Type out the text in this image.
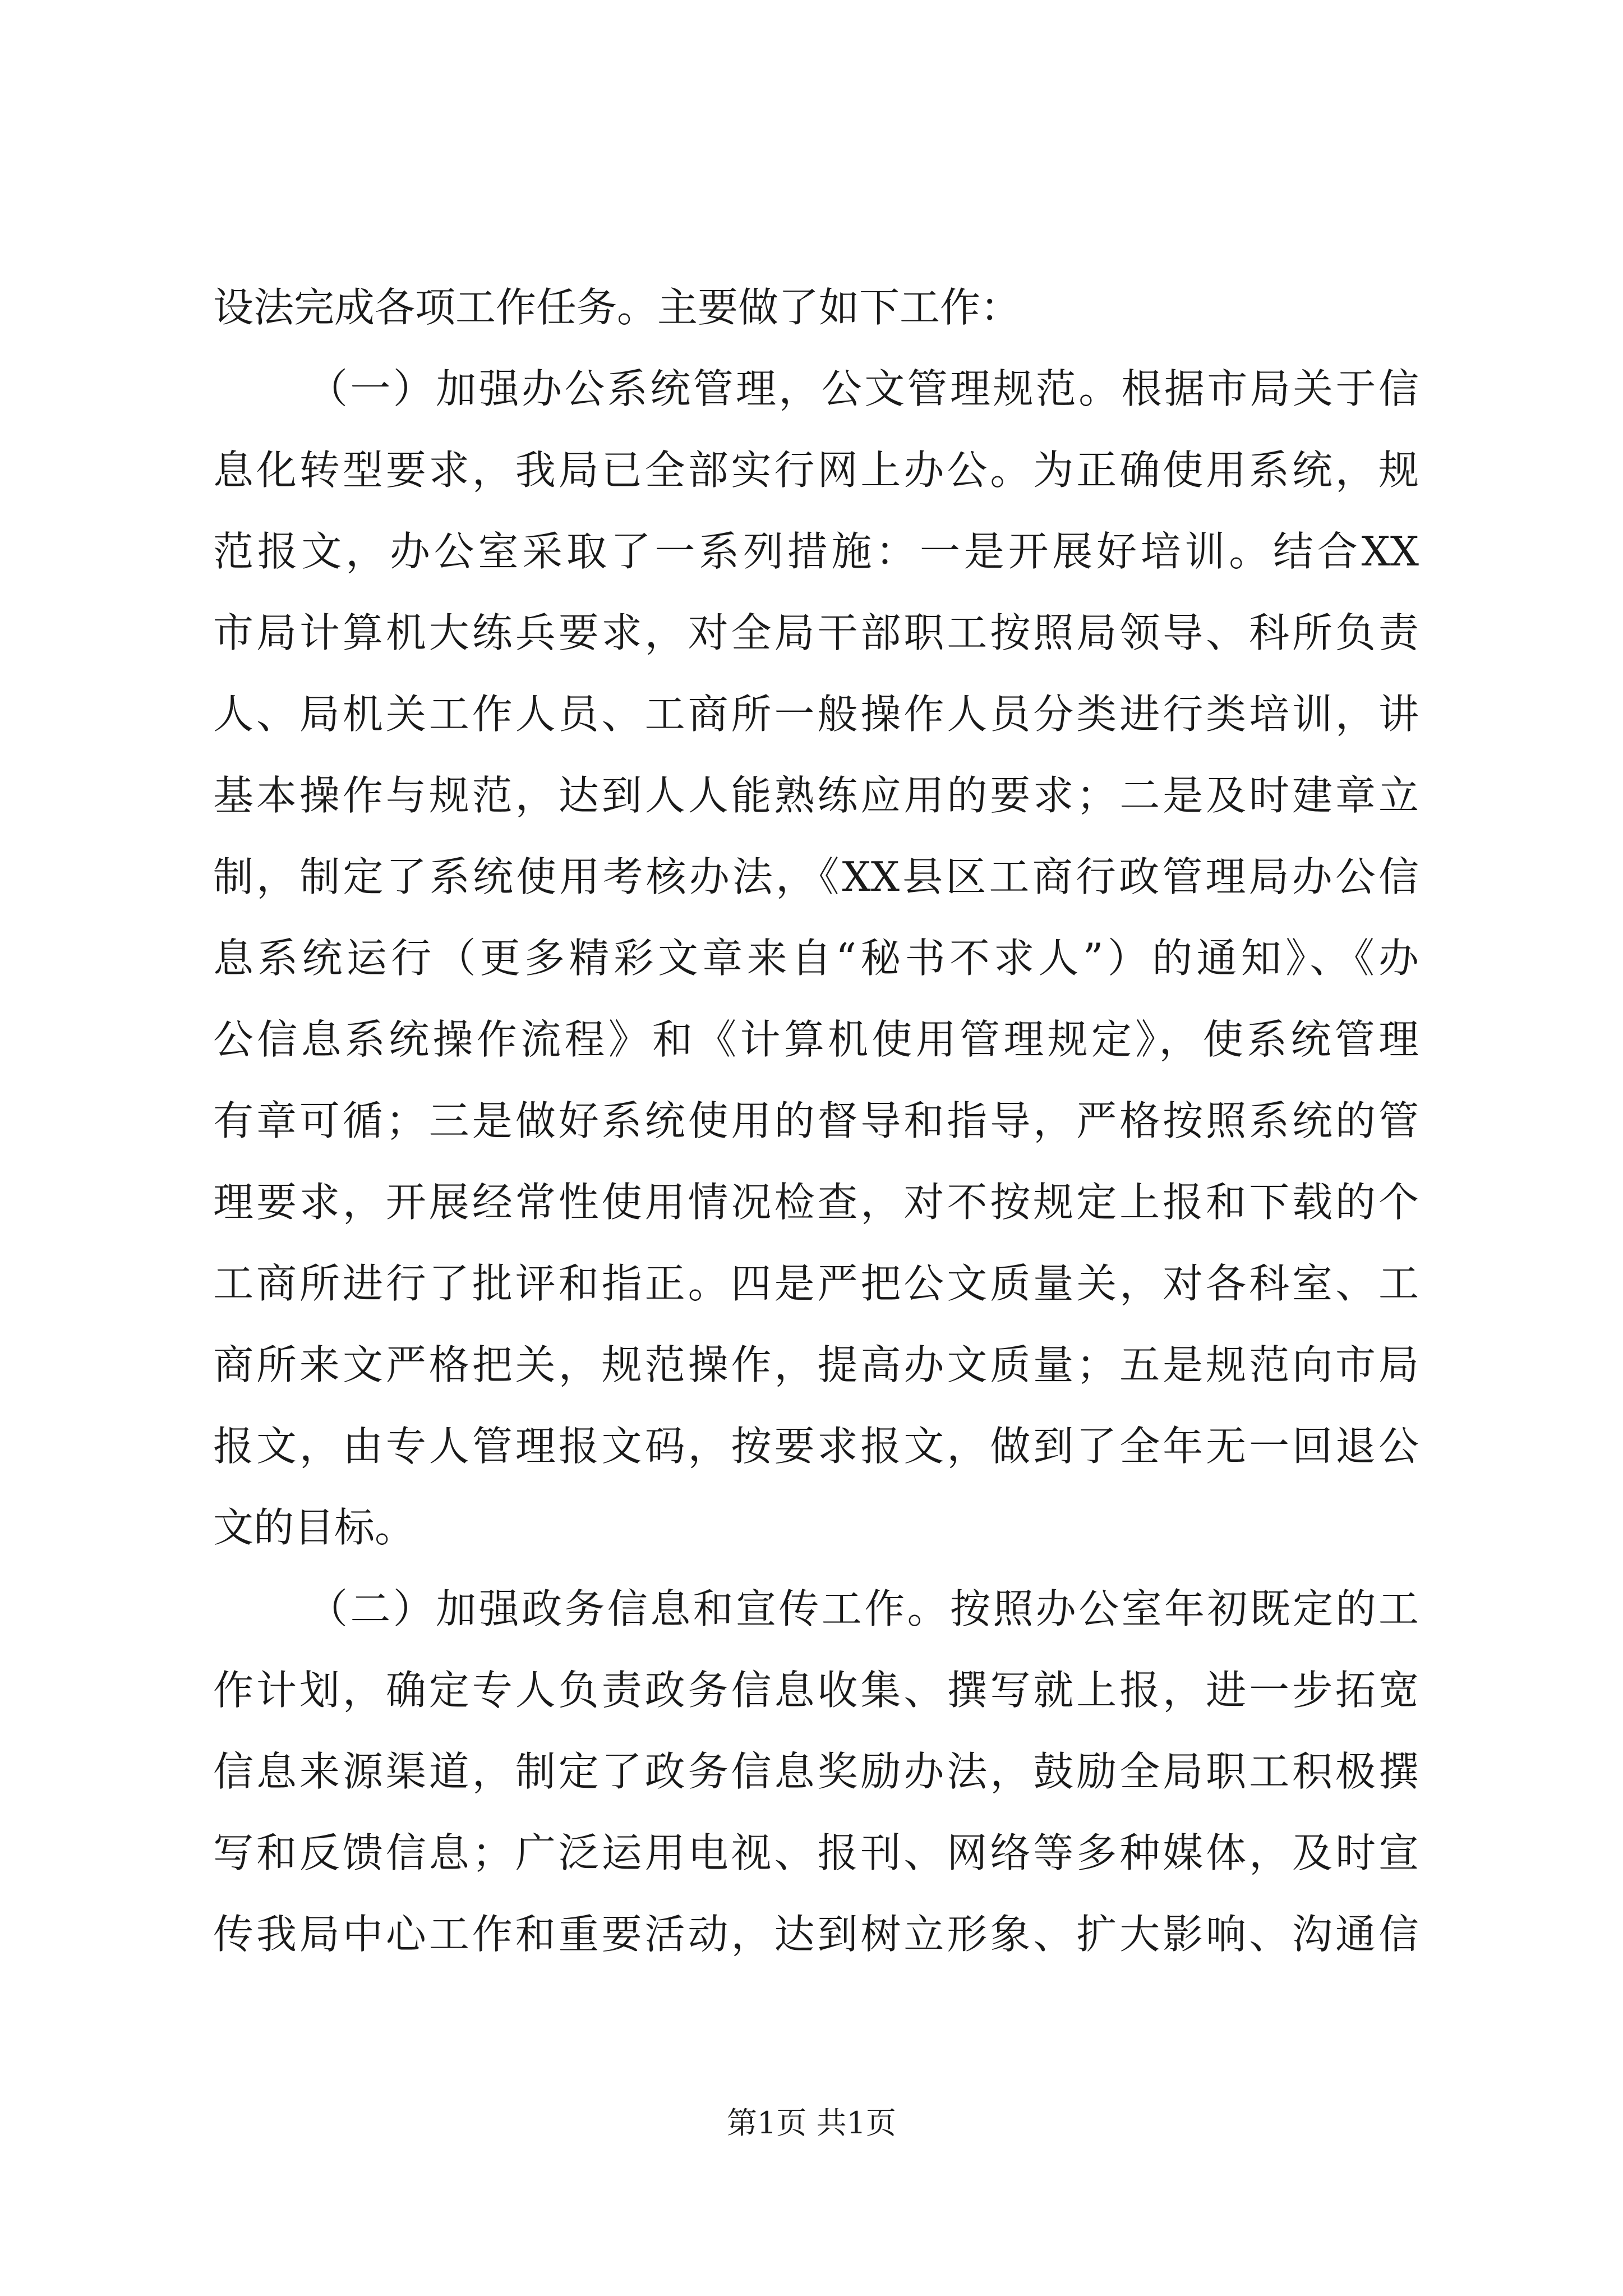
设法完成各项工作任务。主要做了如下工作：
（一）加强办公系统管理，公文管理规范。根据市局关于信
息化转型要求，我局已全部实行网上办公。为正确使用系统，规
范报文，办公室采取了一系列措施：一是开展好培训。结合XX
市局计算机大练兵要求，对全局干部职工按照局领导、科所负责
人、局机关工作人员、工商所一般操作人员分类进行类培训，讲
基本操作与规范，达到人人能熟练应用的要求；二是及时建章立
制，制定了系统使用考核办法，《XX县区工商行政管理局办公信
息系统运行（更多精彩文章来自“秘书不求人”）的通知》、《办
公信息系统操作流程》和《计算机使用管理规定》，使系统管理
有章可循；三是做好系统使用的督导和指导，严格按照系统的管
理要求，开展经常性使用情况检查，对不按规定上报和下载的个
工商所进行了批评和指正。四是严把公文质量关，对各科室、工
商所来文严格把关，规范操作，提高办文质量；五是规范向市局
报文，由专人管理报文码，按要求报文，做到了全年无一回退公
文的目标。
（二）加强政务信息和宣传工作。按照办公室年初既定的工
作计划，确定专人负责政务信息收集、撰写就上报，进一步拓宽
信息来源渠道，制定了政务信息奖励办法，鼓励全局职工积极撰
写和反馈信息；广泛运用电视、报刊、网络等多种媒体，及时宣
传我局中心工作和重要活动，达到树立形象、扩大影响、沟通信
第1页 共1页
